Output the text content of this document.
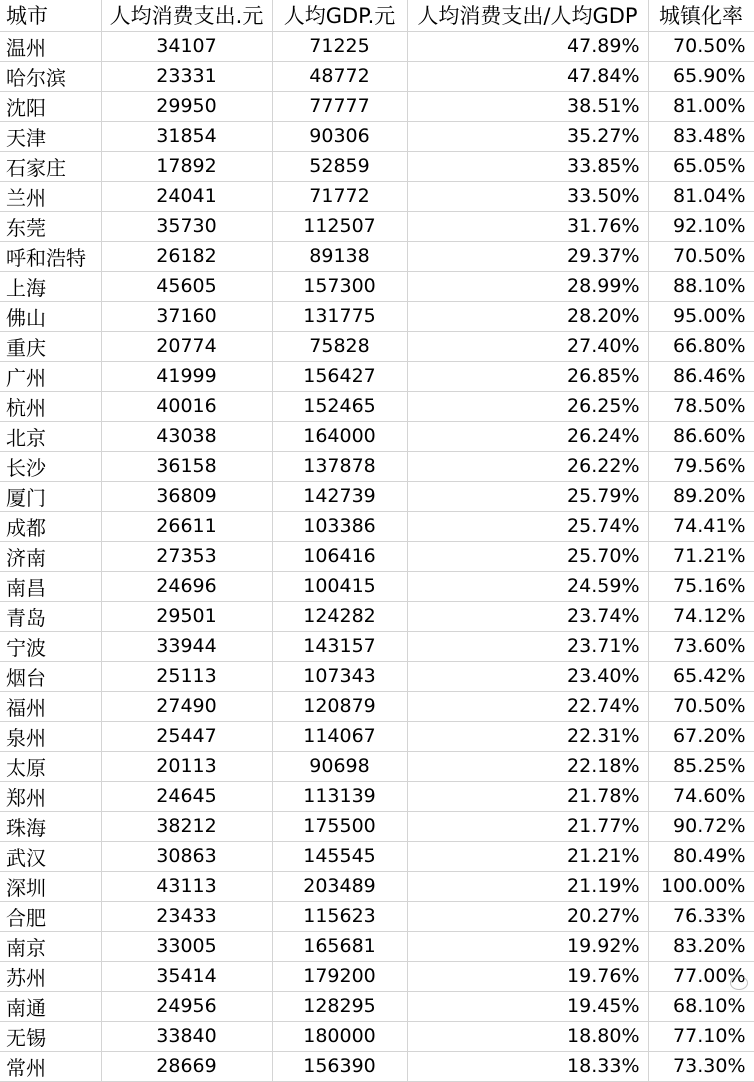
城市	人均消费支出.元	人均GDP.元	人均消费支出/人均GDP	城镇化率
温州	34107	71225	47.89%	70.50%
哈尔滨	23331	48772	47.84%	65.90%
沈阳	29950	77777	38.51%	81.00%
天津	31854	90306	35.27%	83.48%
石家庄	17892	52859	33.85%	65.05%
兰州	24041	71772	33.50%	81.04%
东莞	35730	112507	31.76%	92.10%
呼和浩特	26182	89138	29.37%	70.50%
上海	45605	157300	28.99%	88.10%
佛山	37160	131775	28.20%	95.00%
重庆	20774	75828	27.40%	66.80%
广州	41999	156427	26.85%	86.46%
杭州	40016	152465	26.25%	78.50%
北京	43038	164000	26.24%	86.60%
长沙	36158	137878	26.22%	79.56%
厦门	36809	142739	25.79%	89.20%
成都	26611	103386	25.74%	74.41%
济南	27353	106416	25.70%	71.21%
南昌	24696	100415	24.59%	75.16%
青岛	29501	124282	23.74%	74.12%
宁波	33944	143157	23.71%	73.60%
烟台	25113	107343	23.40%	65.42%
福州	27490	120879	22.74%	70.50%
泉州	25447	114067	22.31%	67.20%
太原	20113	90698	22.18%	85.25%
郑州	24645	113139	21.78%	74.60%
珠海	38212	175500	21.77%	90.72%
武汉	30863	145545	21.21%	80.49%
深圳	43113	203489	21.19%	100.00%
合肥	23433	115623	20.27%	76.33%
南京	33005	165681	19.92%	83.20%
苏州	35414	179200	19.76%	77.00%
南通	24956	128295	19.45%	68.10%
无锡	33840	180000	18.80%	77.10%
常州	28669	156390	18.33%	73.30%
